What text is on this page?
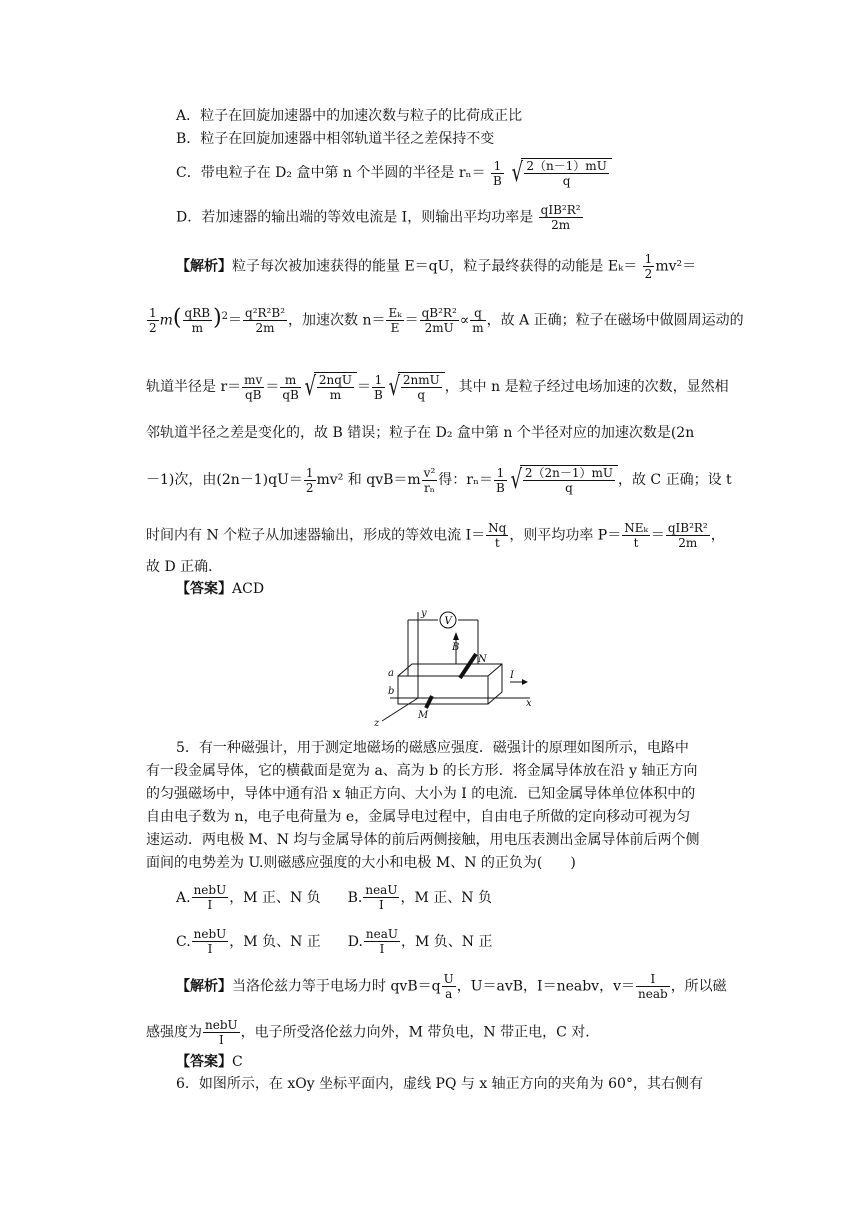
A．粒子在回旋加速器中的加速次数与粒子的比荷成正比
B．粒子在回旋加速器中相邻轨道半径之差保持不变
C．带电粒子在 D₂ 盒中第 n 个半圆的半径是 $r_n= \frac{1}{B}$
√ $\frac{2(n-1)mU}{q}$
D．若加速器的输出端的等效电流是 I，则输出平均功率是 $\frac{\text{qIB²R²}}{2m}$
【解析】粒子每次被加速获得的能量 E＝qU，粒子最终获得的动能是 $E_k= \frac{1}{2} mv^2=$
$\frac{1}{2} m( \frac{\text{qRB}}{m} )^2= \frac{\text{q²R²B²}}{2m}$ ，加速次数 $n= \frac{\text{Eₖ}}{E} = \frac{\text{qB²R²}}{2mU} \propto \frac{q}{m}$ ，故 A 正确；粒子在磁场中做圆周运动的
轨道半径是 $r= \frac{mv}{qB} = \frac{m}{qB}$ √ $\frac{\text{2nqU}}{m} = \frac{1}{B}$ √ $\frac{\text{2nmU}}{q}$ ，其中 n 是粒子经过电场加速的次数，显然相
邻轨道半径之差是变化的，故 B 错误；粒子在 D₂ 盒中第 n 个半径对应的加速次数是(2n
－1)次，由$(2n-1)qU= \frac{1}{2} mv^2$ 和 $qvB=m \frac{\text{v²}}{\text{rₙ}}$ 得：$r_n= \frac{1}{B}$ √ $\frac{2(2n-1)mU}{q}$ ，故 C 正确；设 t
时间内有 N 个粒子从加速器输出，形成的等效电流 $I= \frac{Nq}{t}$ ，则平均功率 $P= \frac{\text{NEₖ}}{t} = \frac{\text{qIB²R²}}{2m}$ ，
故 D 正确．
【答案】ACD
V
y
B
N
I
a
b
M
x
z
5．有一种磁强计，用于测定地磁场的磁感应强度．磁强计的原理如图所示，电路中
有一段金属导体，它的横截面是宽为 a、高为 b 的长方形．将金属导体放在沿 y 轴正方向
的匀强磁场中，导体中通有沿 x 轴正方向、大小为 I 的电流．已知金属导体单位体积中的
自由电子数为 n，电子电荷量为 e，金属导电过程中，自由电子所做的定向移动可视为匀
速运动．两电极 M、N 均与金属导体的前后两侧接触，用电压表测出金属导体前后两个侧
面间的电势差为 U.则磁感应强度的大小和电极 M、N 的正负为(　　)
A. $\frac{\text{nebU}}{I}$ ，M 正、N 负 B. $\frac{\text{neaU}}{I}$ ，M 正、N 负
C. $\frac{\text{nebU}}{I}$ ，M 负、N 正 D. $\frac{\text{neaU}}{I}$ ，M 负、N 正
【解析】当洛伦兹力等于电场力时 $qvB=q \frac{U}{a}$ ，U＝avB，I＝neabv，$v= \frac{I}{\text{neab}}$ ，所以磁
感强度为 $\frac{\text{nebU}}{I}$ ，电子所受洛伦兹力向外，M 带负电，N 带正电，C 对．
【答案】C
6．如图所示，在 xOy 坐标平面内，虚线 PQ 与 x 轴正方向的夹角为 60°，其右侧有
